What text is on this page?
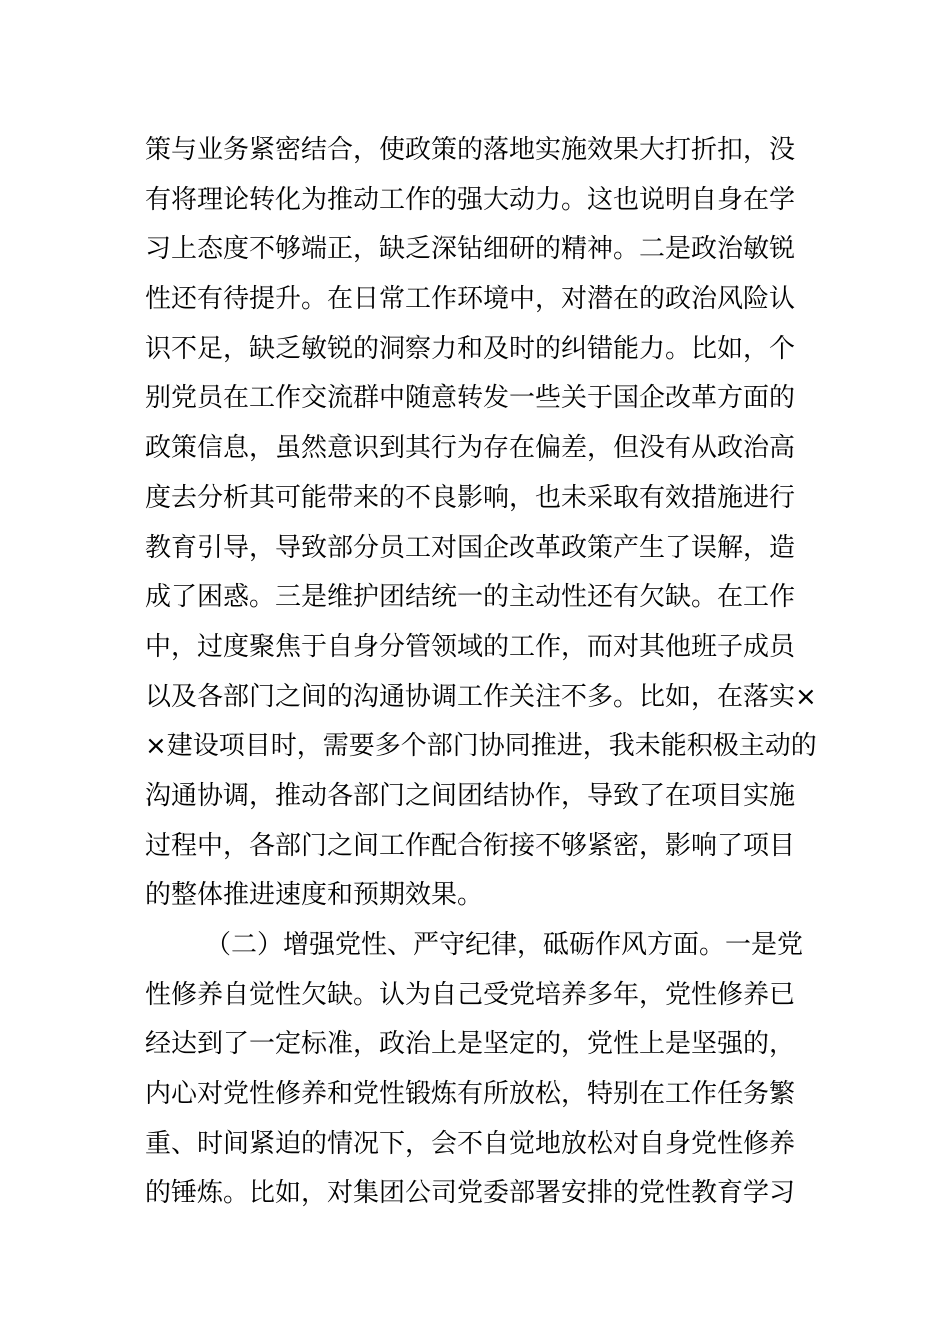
策与业务紧密结合，使政策的落地实施效果大打折扣，没
有将理论转化为推动工作的强大动力。这也说明自身在学
习上态度不够端正，缺乏深钻细研的精神。二是政治敏锐
性还有待提升。在日常工作环境中，对潜在的政治风险认
识不足，缺乏敏锐的洞察力和及时的纠错能力。比如，个
别党员在工作交流群中随意转发一些关于国企改革方面的
政策信息，虽然意识到其行为存在偏差，但没有从政治高
度去分析其可能带来的不良影响，也未采取有效措施进行
教育引导，导致部分员工对国企改革政策产生了误解，造
成了困惑。三是维护团结统一的主动性还有欠缺。在工作
中，过度聚焦于自身分管领域的工作，而对其他班子成员
以及各部门之间的沟通协调工作关注不多。比如，在落实×
×建设项目时，需要多个部门协同推进，我未能积极主动的
沟通协调，推动各部门之间团结协作，导致了在项目实施
过程中，各部门之间工作配合衔接不够紧密，影响了项目
的整体推进速度和预期效果。
（二）增强党性、严守纪律，砥砺作风方面。一是党
性修养自觉性欠缺。认为自己受党培养多年，党性修养已
经达到了一定标准，政治上是坚定的，党性上是坚强的，
内心对党性修养和党性锻炼有所放松，特别在工作任务繁
重、时间紧迫的情况下，会不自觉地放松对自身党性修养
的锤炼。比如，对集团公司党委部署安排的党性教育学习
